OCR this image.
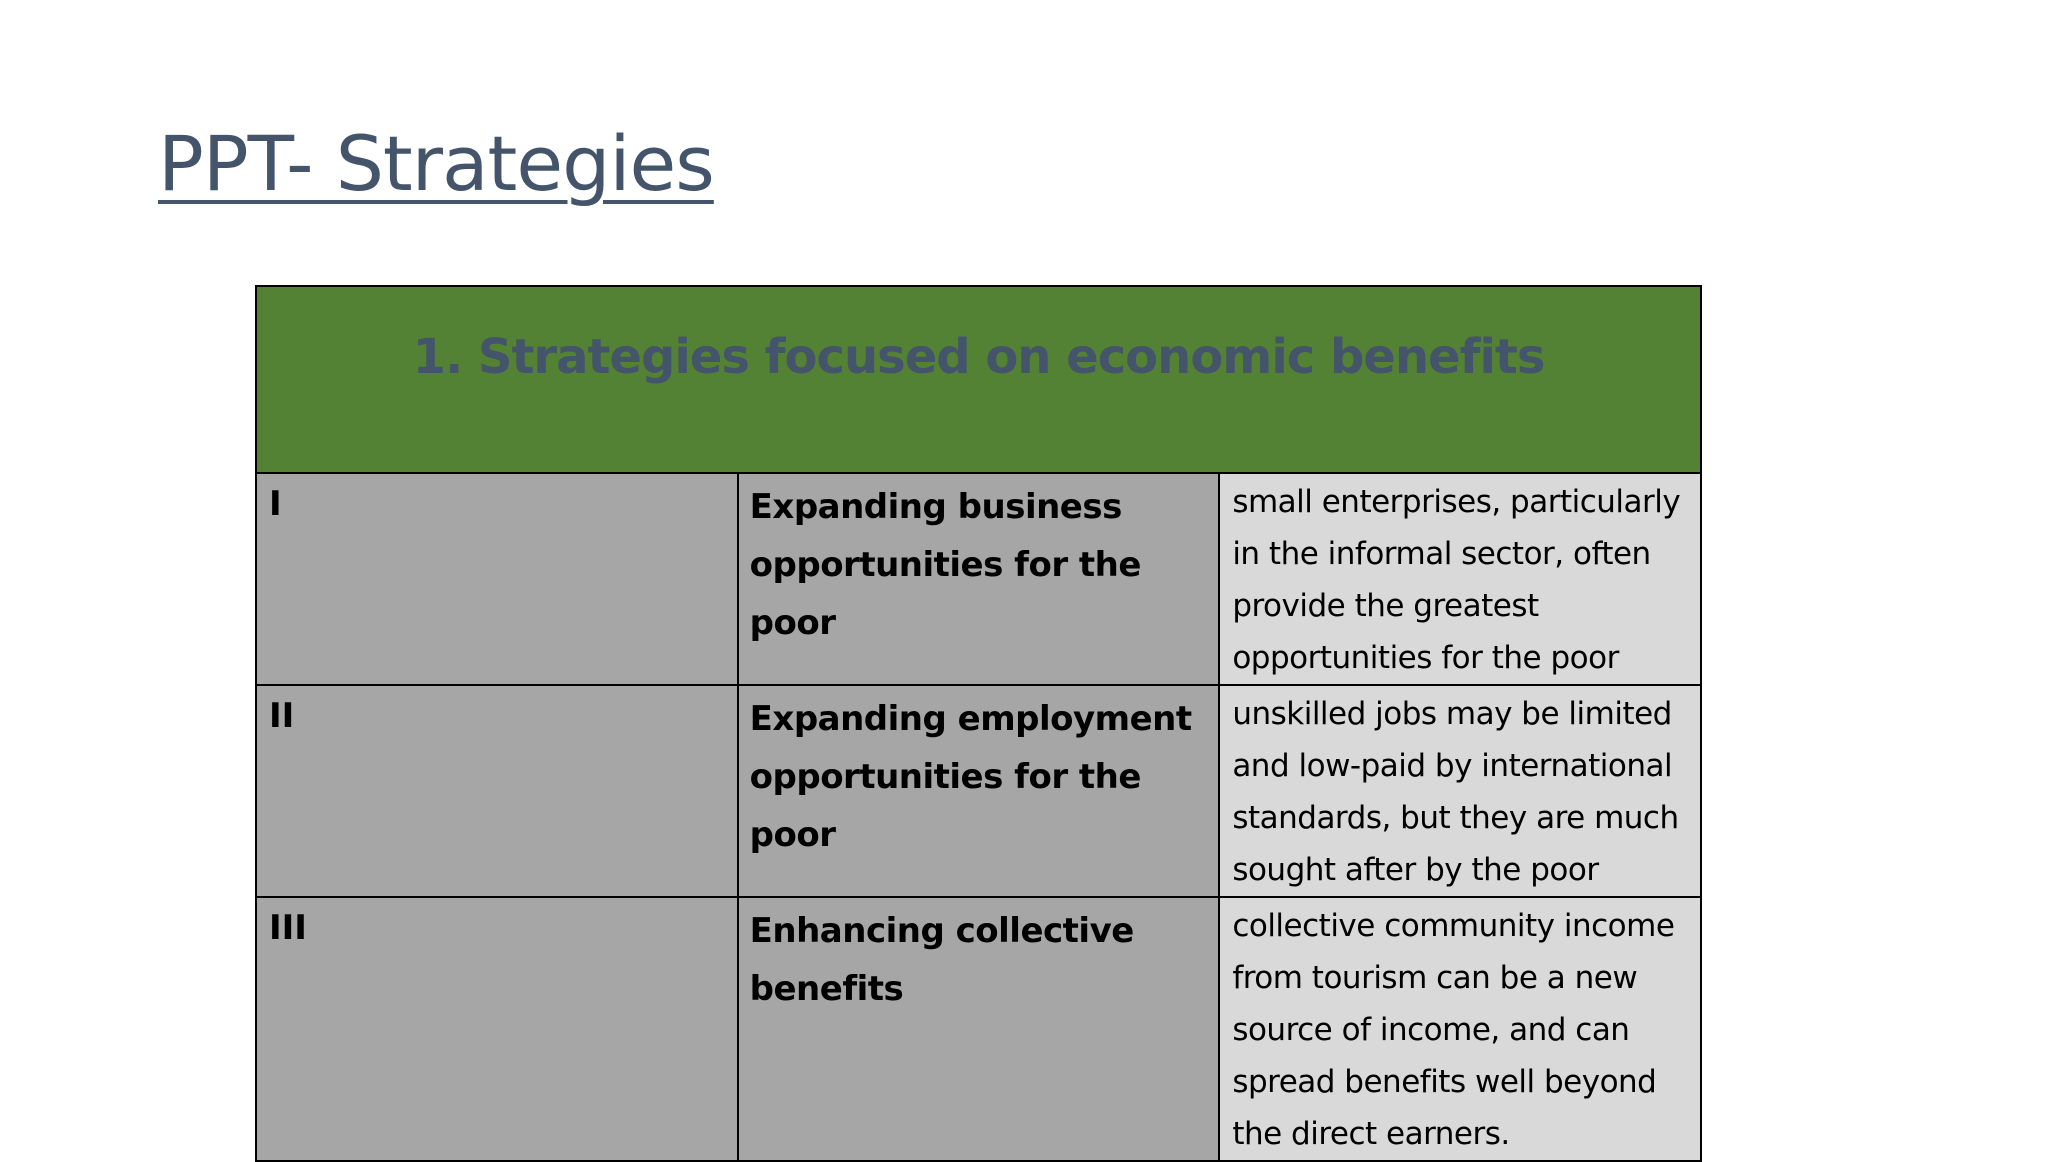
PPT- Strategies
1. Strategies focused on economic benefits		

I	Expanding business opportunities for the poor	small enterprises, particularly in the informal sector, often provide the greatest opportunities for the poor
II	Expanding employment opportunities for the poor	unskilled jobs may be limited and low-paid by international standards, but they are much sought after by the poor
III	Enhancing collective benefits	collective community income from tourism can be a new source of income, and can spread benefits well beyond the direct earners.
